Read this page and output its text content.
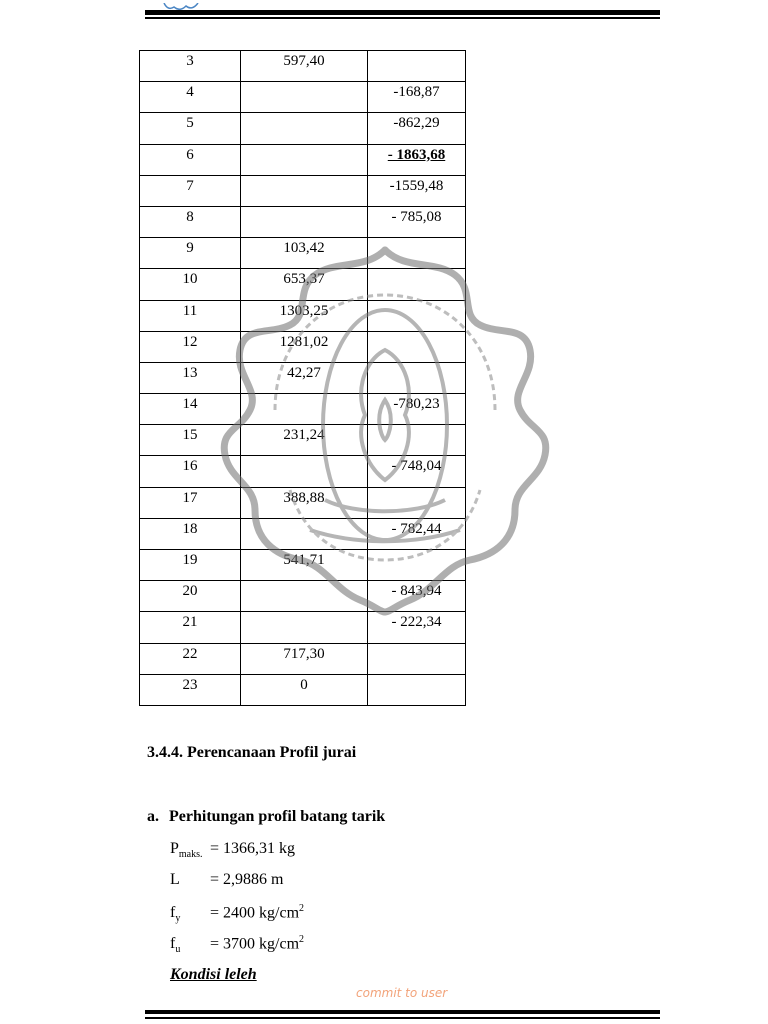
3	597,40	
4		-168,87
5		-862,29
6		- 1863,68
7		-1559,48
8		- 785,08
9	103,42	
10	653,37	
11	1303,25	
12	1281,02	
13	42,27	
14		-780,23
15	231,24	
16		- 748,04
17	388,88	
18		- 782,44
19	541,71	
20		- 843,94
21		- 222,34
22	717,30	
23	0	
3.4.4. Perencanaan Profil jurai
a. Perhitungan profil batang tarik
$P_{maks.} = 1366,31$ kg
L = 2,9886 m
$f_y = 2400$ $kg/cm^2$
$f_u = 3700$ $kg/cm^2$
Kondisi leleh
commit to user
